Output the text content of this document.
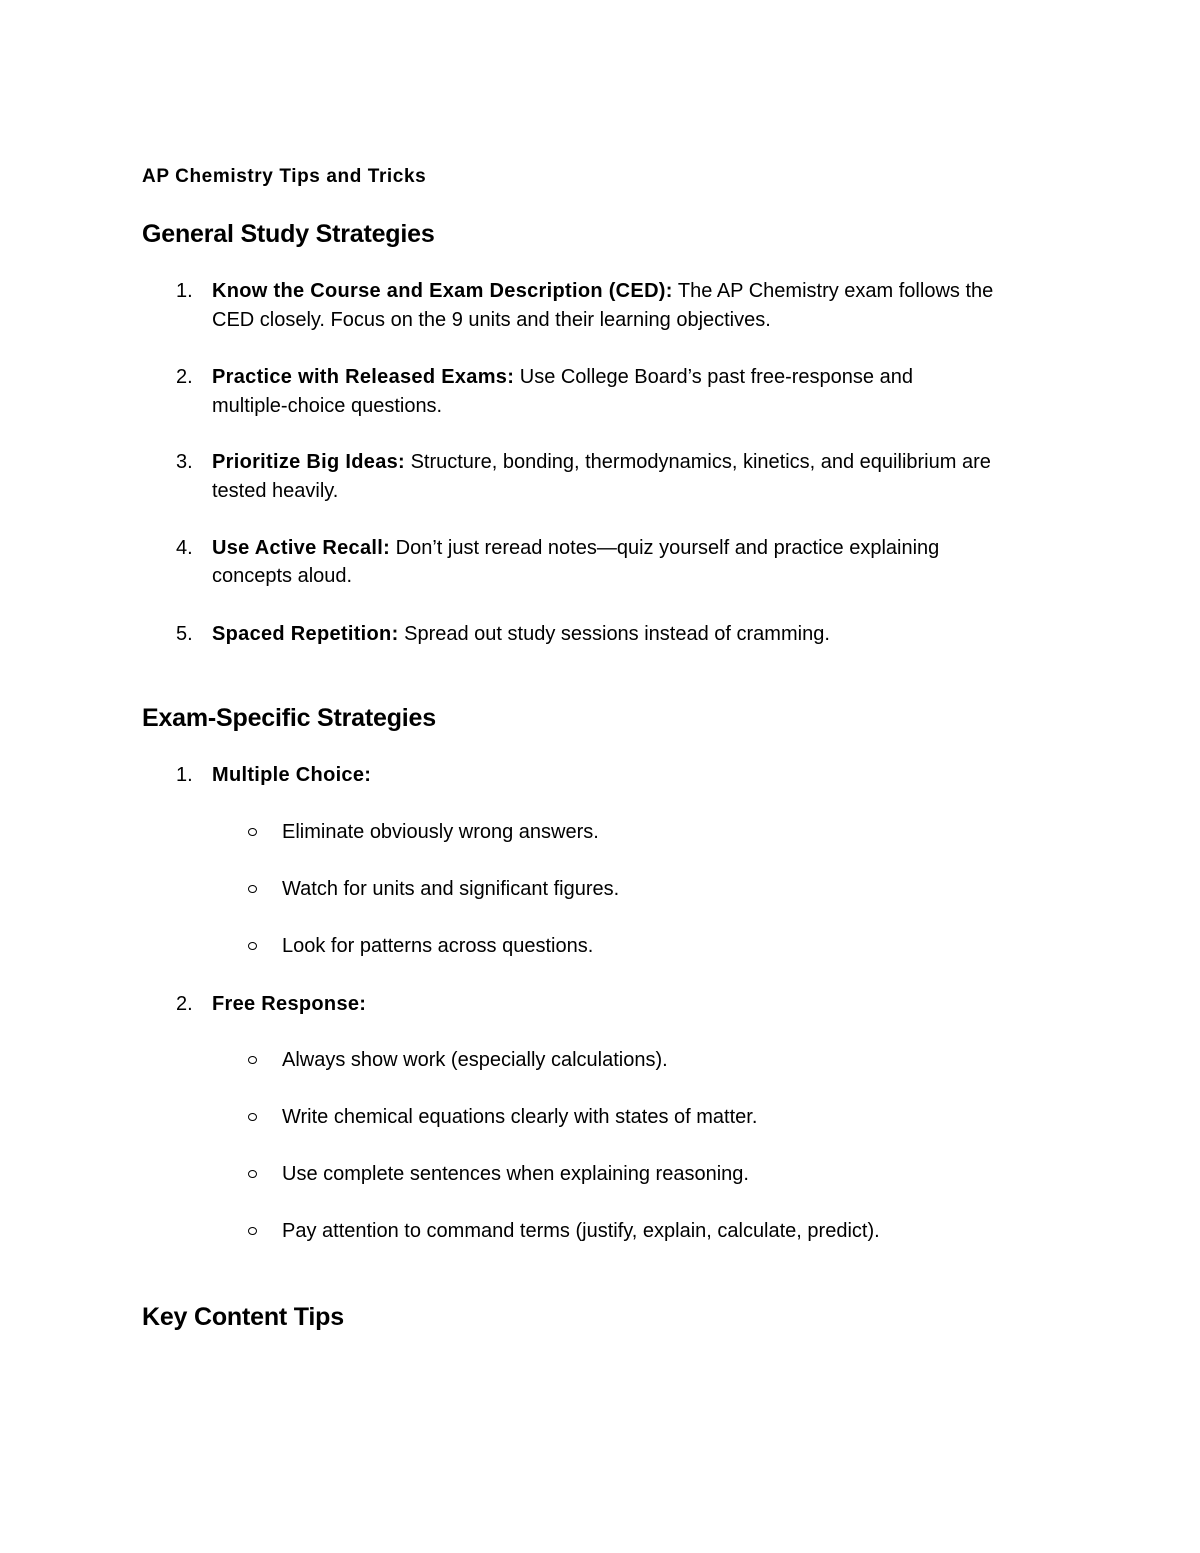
AP Chemistry Tips and Tricks
General Study Strategies
1. Know the Course and Exam Description (CED): The AP Chemistry exam follows the
CED closely. Focus on the 9 units and their learning objectives.
2. Practice with Released Exams: Use College Board’s past free-response and
multiple-choice questions.
3. Prioritize Big Ideas: Structure, bonding, thermodynamics, kinetics, and equilibrium are
tested heavily.
4. Use Active Recall: Don’t just reread notes—quiz yourself and practice explaining
concepts aloud.
5. Spaced Repetition: Spread out study sessions instead of cramming.
Exam-Specific Strategies
1. Multiple Choice:
Eliminate obviously wrong answers.
Watch for units and significant figures.
Look for patterns across questions.
2. Free Response:
Always show work (especially calculations).
Write chemical equations clearly with states of matter.
Use complete sentences when explaining reasoning.
Pay attention to command terms (justify, explain, calculate, predict).
Key Content Tips
